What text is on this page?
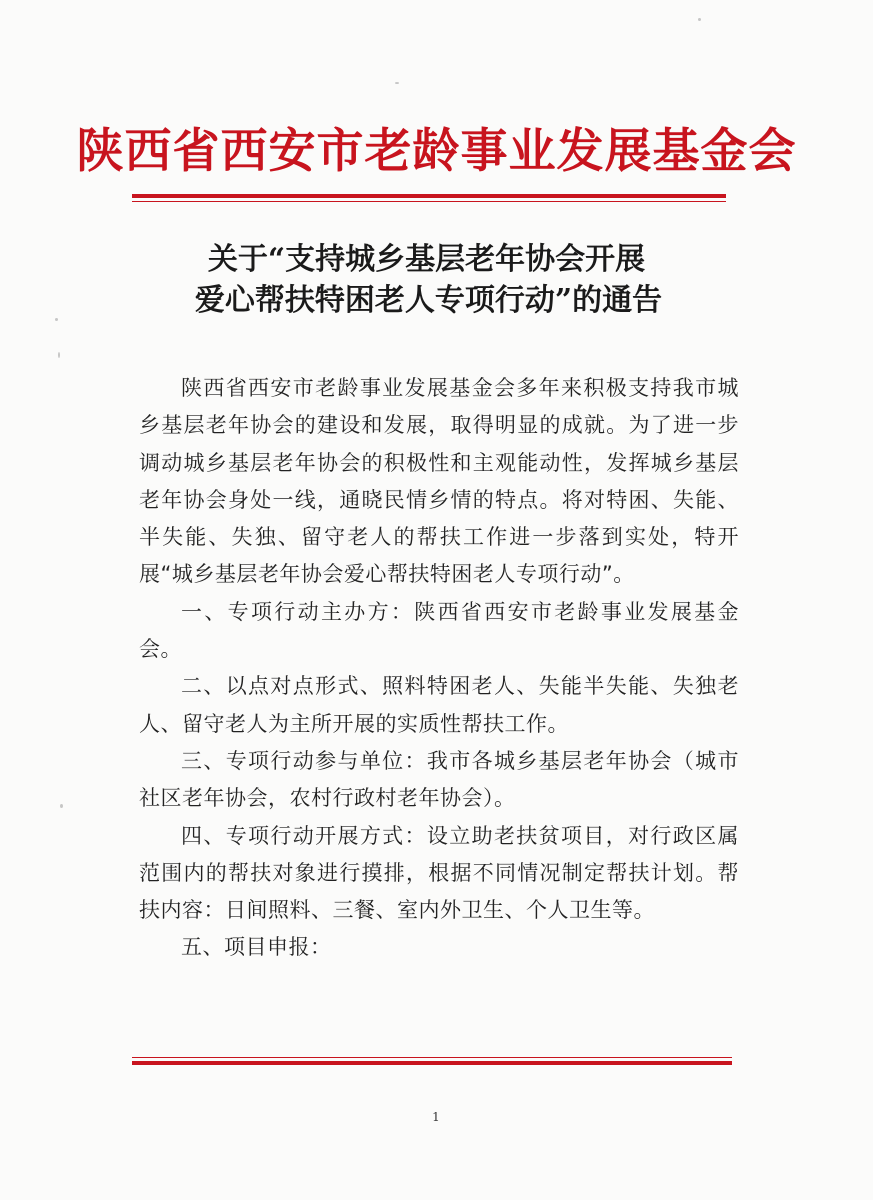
陕西省西安市老龄事业发展基金会
关于“支持城乡基层老年协会开展
爱心帮扶特困老人专项行动”的通告

陕西省西安市老龄事业发展基金会多年来积极支持我市城乡基层老年协会的建设和发展，取得明显的成就。为了进一步调动城乡基层老年协会的积极性和主观能动性，发挥城乡基层老年协会身处一线，通晓民情乡情的特点。将对特困、失能、半失能、失独、留守老人的帮扶工作进一步落到实处，特开展“城乡基层老年协会爱心帮扶特困老人专项行动”。

一、专项行动主办方：陕西省西安市老龄事业发展基金会。

二、以点对点形式、照料特困老人、失能半失能、失独老人、留守老人为主所开展的实质性帮扶工作。

三、专项行动参与单位：我市各城乡基层老年协会（城市社区老年协会，农村行政村老年协会）。

四、专项行动开展方式：设立助老扶贫项目，对行政区属范围内的帮扶对象进行摸排，根据不同情况制定帮扶计划。帮扶内容：日间照料、三餐、室内外卫生、个人卫生等。

五、项目申报：

1
